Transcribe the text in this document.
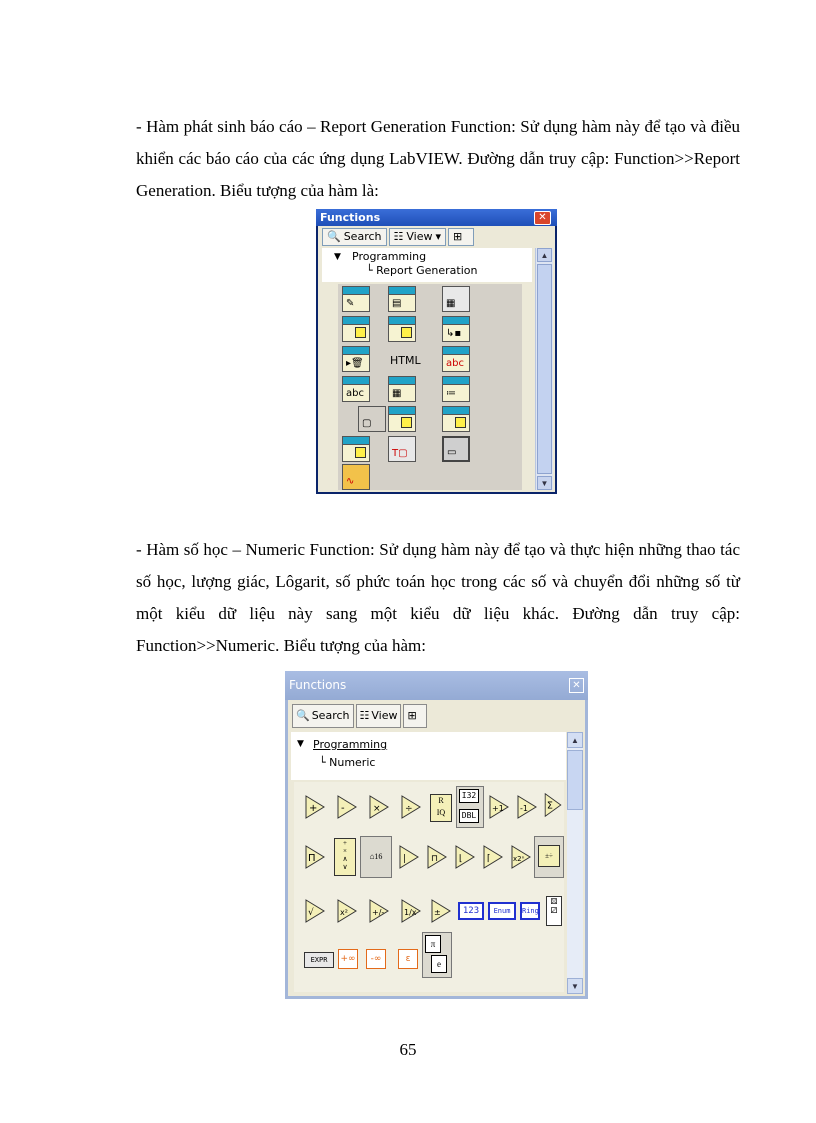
- Hàm phát sinh báo cáo – Report Generation Function: Sử dụng hàm này để tạo và điều khiển các báo cáo của các ứng dụng LabVIEW. Đường dẫn truy cập: Function>>Report Generation. Biểu tượng của hàm là:
Functions	✕
🔍 Search ☷ View ▾ ⊞
▼ Programming
└ Report Generation
✎	▤	▦
↳▪
▸🗑 HTML	abc
abc	▦	≔
▢
T▢	▭
∿
▲
▼
- Hàm số học – Numeric Function: Sử dụng hàm này để tạo và thực hiện những thao tác số học, lượng giác, Lôgarit, số phức toán học trong các số và chuyển đổi những số từ một kiểu dữ liệu này sang một kiểu dữ liệu khác. Đường dẫn truy cập: Function>>Numeric. Biểu tượng của hàm:
Functions	✕
🔍 Search ☷ View ⊞
▼ Programming
└ Numeric
+ -	×	÷
R
IQ
I32
DBL
+1 -1 Σ
Π
+
×
∧
∨
⌂16	|	⊓ ⌊	⌈	x2ⁿ	±÷
√	x²	+/- 1/x ±	123	Enum	Ring
⚄
⚂
EXPR	+∞	-∞	ε
π
e
▲
▼
65
